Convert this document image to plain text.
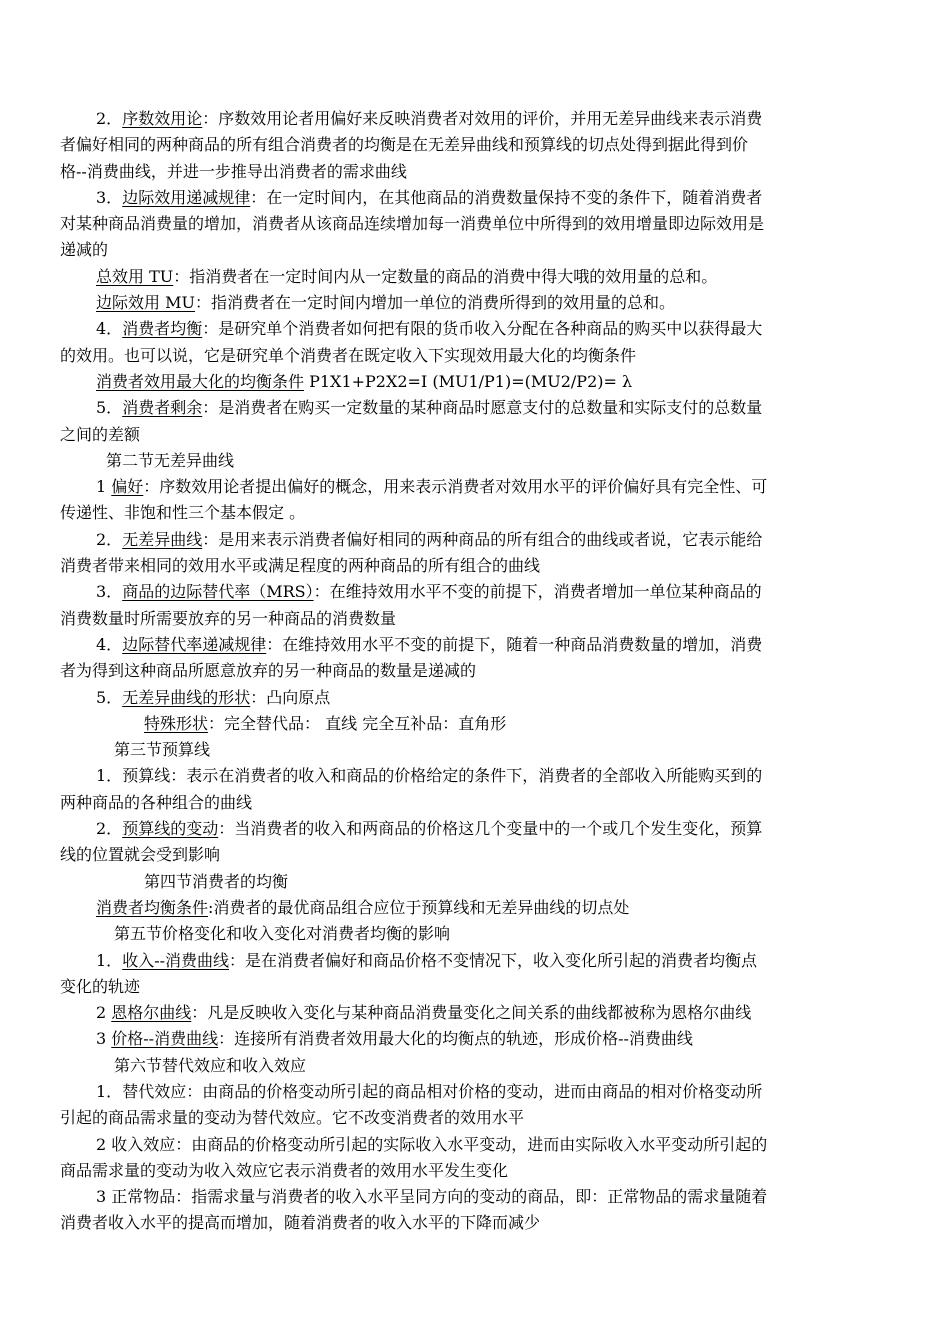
2．序数效用论：序数效用论者用偏好来反映消费者对效用的评价，并用无差异曲线来表示消费

者偏好相同的两种商品的所有组合消费者的均衡是在无差异曲线和预算线的切点处得到据此得到价

格--消费曲线，并进一步推导出消费者的需求曲线

3．边际效用递减规律：在一定时间内，在其他商品的消费数量保持不变的条件下，随着消费者

对某种商品消费量的增加，消费者从该商品连续增加每一消费单位中所得到的效用增量即边际效用是

递减的

总效用 TU：指消费者在一定时间内从一定数量的商品的消费中得大哦的效用量的总和。

边际效用 MU：指消费者在一定时间内增加一单位的消费所得到的效用量的总和。

4．消费者均衡：是研究单个消费者如何把有限的货币收入分配在各种商品的购买中以获得最大

的效用。也可以说，它是研究单个消费者在既定收入下实现效用最大化的均衡条件

消费者效用最大化的均衡条件 P1X1+P2X2=I (MU1/P1)=(MU2/P2)= λ

5．消费者剩余：是消费者在购买一定数量的某种商品时愿意支付的总数量和实际支付的总数量

之间的差额

第二节无差异曲线

1 偏好：序数效用论者提出偏好的概念，用来表示消费者对效用水平的评价偏好具有完全性、可

传递性、非饱和性三个基本假定 。

2．无差异曲线：是用来表示消费者偏好相同的两种商品的所有组合的曲线或者说，它表示能给

消费者带来相同的效用水平或满足程度的两种商品的所有组合的曲线

3．商品的边际替代率（MRS）：在维持效用水平不变的前提下，消费者增加一单位某种商品的

消费数量时所需要放弃的另一种商品的消费数量

4．边际替代率递减规律：在维持效用水平不变的前提下，随着一种商品消费数量的增加，消费

者为得到这种商品所愿意放弃的另一种商品的数量是递减的

5．无差异曲线的形状：凸向原点

特殊形状：完全替代品： 直线 完全互补品：直角形

第三节预算线

1．预算线：表示在消费者的收入和商品的价格给定的条件下，消费者的全部收入所能购买到的

两种商品的各种组合的曲线

2．预算线的变动：当消费者的收入和两商品的价格这几个变量中的一个或几个发生变化，预算

线的位置就会受到影响

第四节消费者的均衡

消费者均衡条件:消费者的最优商品组合应位于预算线和无差异曲线的切点处

第五节价格变化和收入变化对消费者均衡的影响

1．收入--消费曲线：是在消费者偏好和商品价格不变情况下，收入变化所引起的消费者均衡点

变化的轨迹

2 恩格尔曲线：凡是反映收入变化与某种商品消费量变化之间关系的曲线都被称为恩格尔曲线

3 价格--消费曲线：连接所有消费者效用最大化的均衡点的轨迹，形成价格--消费曲线

第六节替代效应和收入效应

1．替代效应：由商品的价格变动所引起的商品相对价格的变动，进而由商品的相对价格变动所

引起的商品需求量的变动为替代效应。它不改变消费者的效用水平

2 收入效应：由商品的价格变动所引起的实际收入水平变动，进而由实际收入水平变动所引起的

商品需求量的变动为收入效应它表示消费者的效用水平发生变化

3 正常物品：指需求量与消费者的收入水平呈同方向的变动的商品，即：正常物品的需求量随着

消费者收入水平的提高而增加，随着消费者的收入水平的下降而减少
